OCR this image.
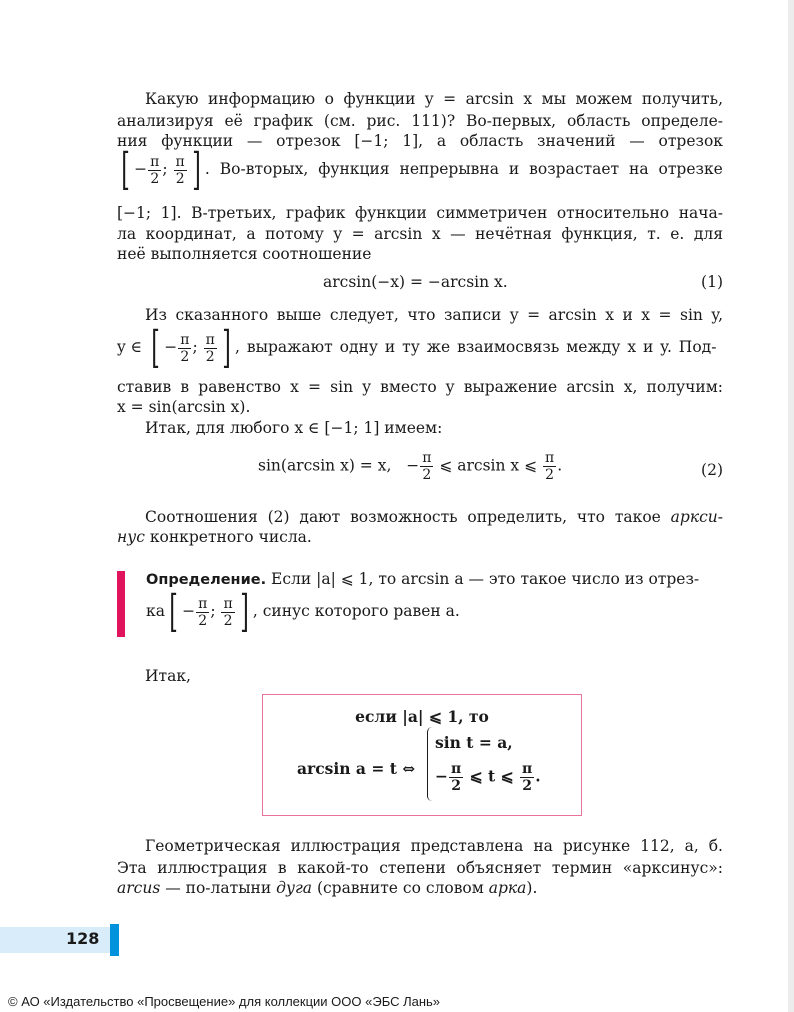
Какую информацию о функции y = arcsin x мы можем получить,
анализируя её график (см. рис. 111)? Во-первых, область определе-
ния функции — отрезок [−1; 1], а область значений — отрезок
[ − $\frac{\pi}{2}$ ; $\frac{\pi}{2}$ ] . Во-вторых, функция непрерывна и возрастает на отрезке
[−1; 1]. В-третьих, график функции симметричен относительно нача-
ла координат, а потому y = arcsin x — нечётная функция, т. е. для
неё выполняется соотношение
arcsin(−x) = −arcsin x.	(1)
Из сказанного выше следует, что записи y = arcsin x и x = sin y,
y ∈ [ − $\frac{\pi}{2}$ ; $\frac{\pi}{2}$ ] , выражают одну и ту же взаимосвязь между x и y. Под-
ставив в равенство x = sin y вместо y выражение arcsin x, получим:
x = sin(arcsin x).
Итак, для любого x ∈ [−1; 1] имеем:
sin(arcsin x) = x, − $\frac{\pi}{2}$ ⩽ arcsin x ⩽ $\frac{\pi}{2}$ .	(2)
Соотношения (2) дают возможность определить, что такое арксu-
нус конкретного числа.
Определение. Если |a| ⩽ 1, то arcsin a — это такое число из отрез-
$ка[ - \frac{\pi}{2}$ ; $\frac{\pi}{2}$ ] , синус которого равен a.
Итак,
Геометрическая иллюстрация представлена на рисунке 112, а, б.
Эта иллюстрация в какой-то степени объясняет термин «арксинус»:
arcus — по-латыни дуга (сравните со словом арка).
если |a| ⩽ 1, то
arcsin a = t ⇔
sin t = a,
− $\frac{\pi}{2}$ ⩽ t ⩽ $\frac{\pi}{2}$ .
128
© АО «Издательство «Просвещение» для коллекции ООО «ЭБС Лань»
